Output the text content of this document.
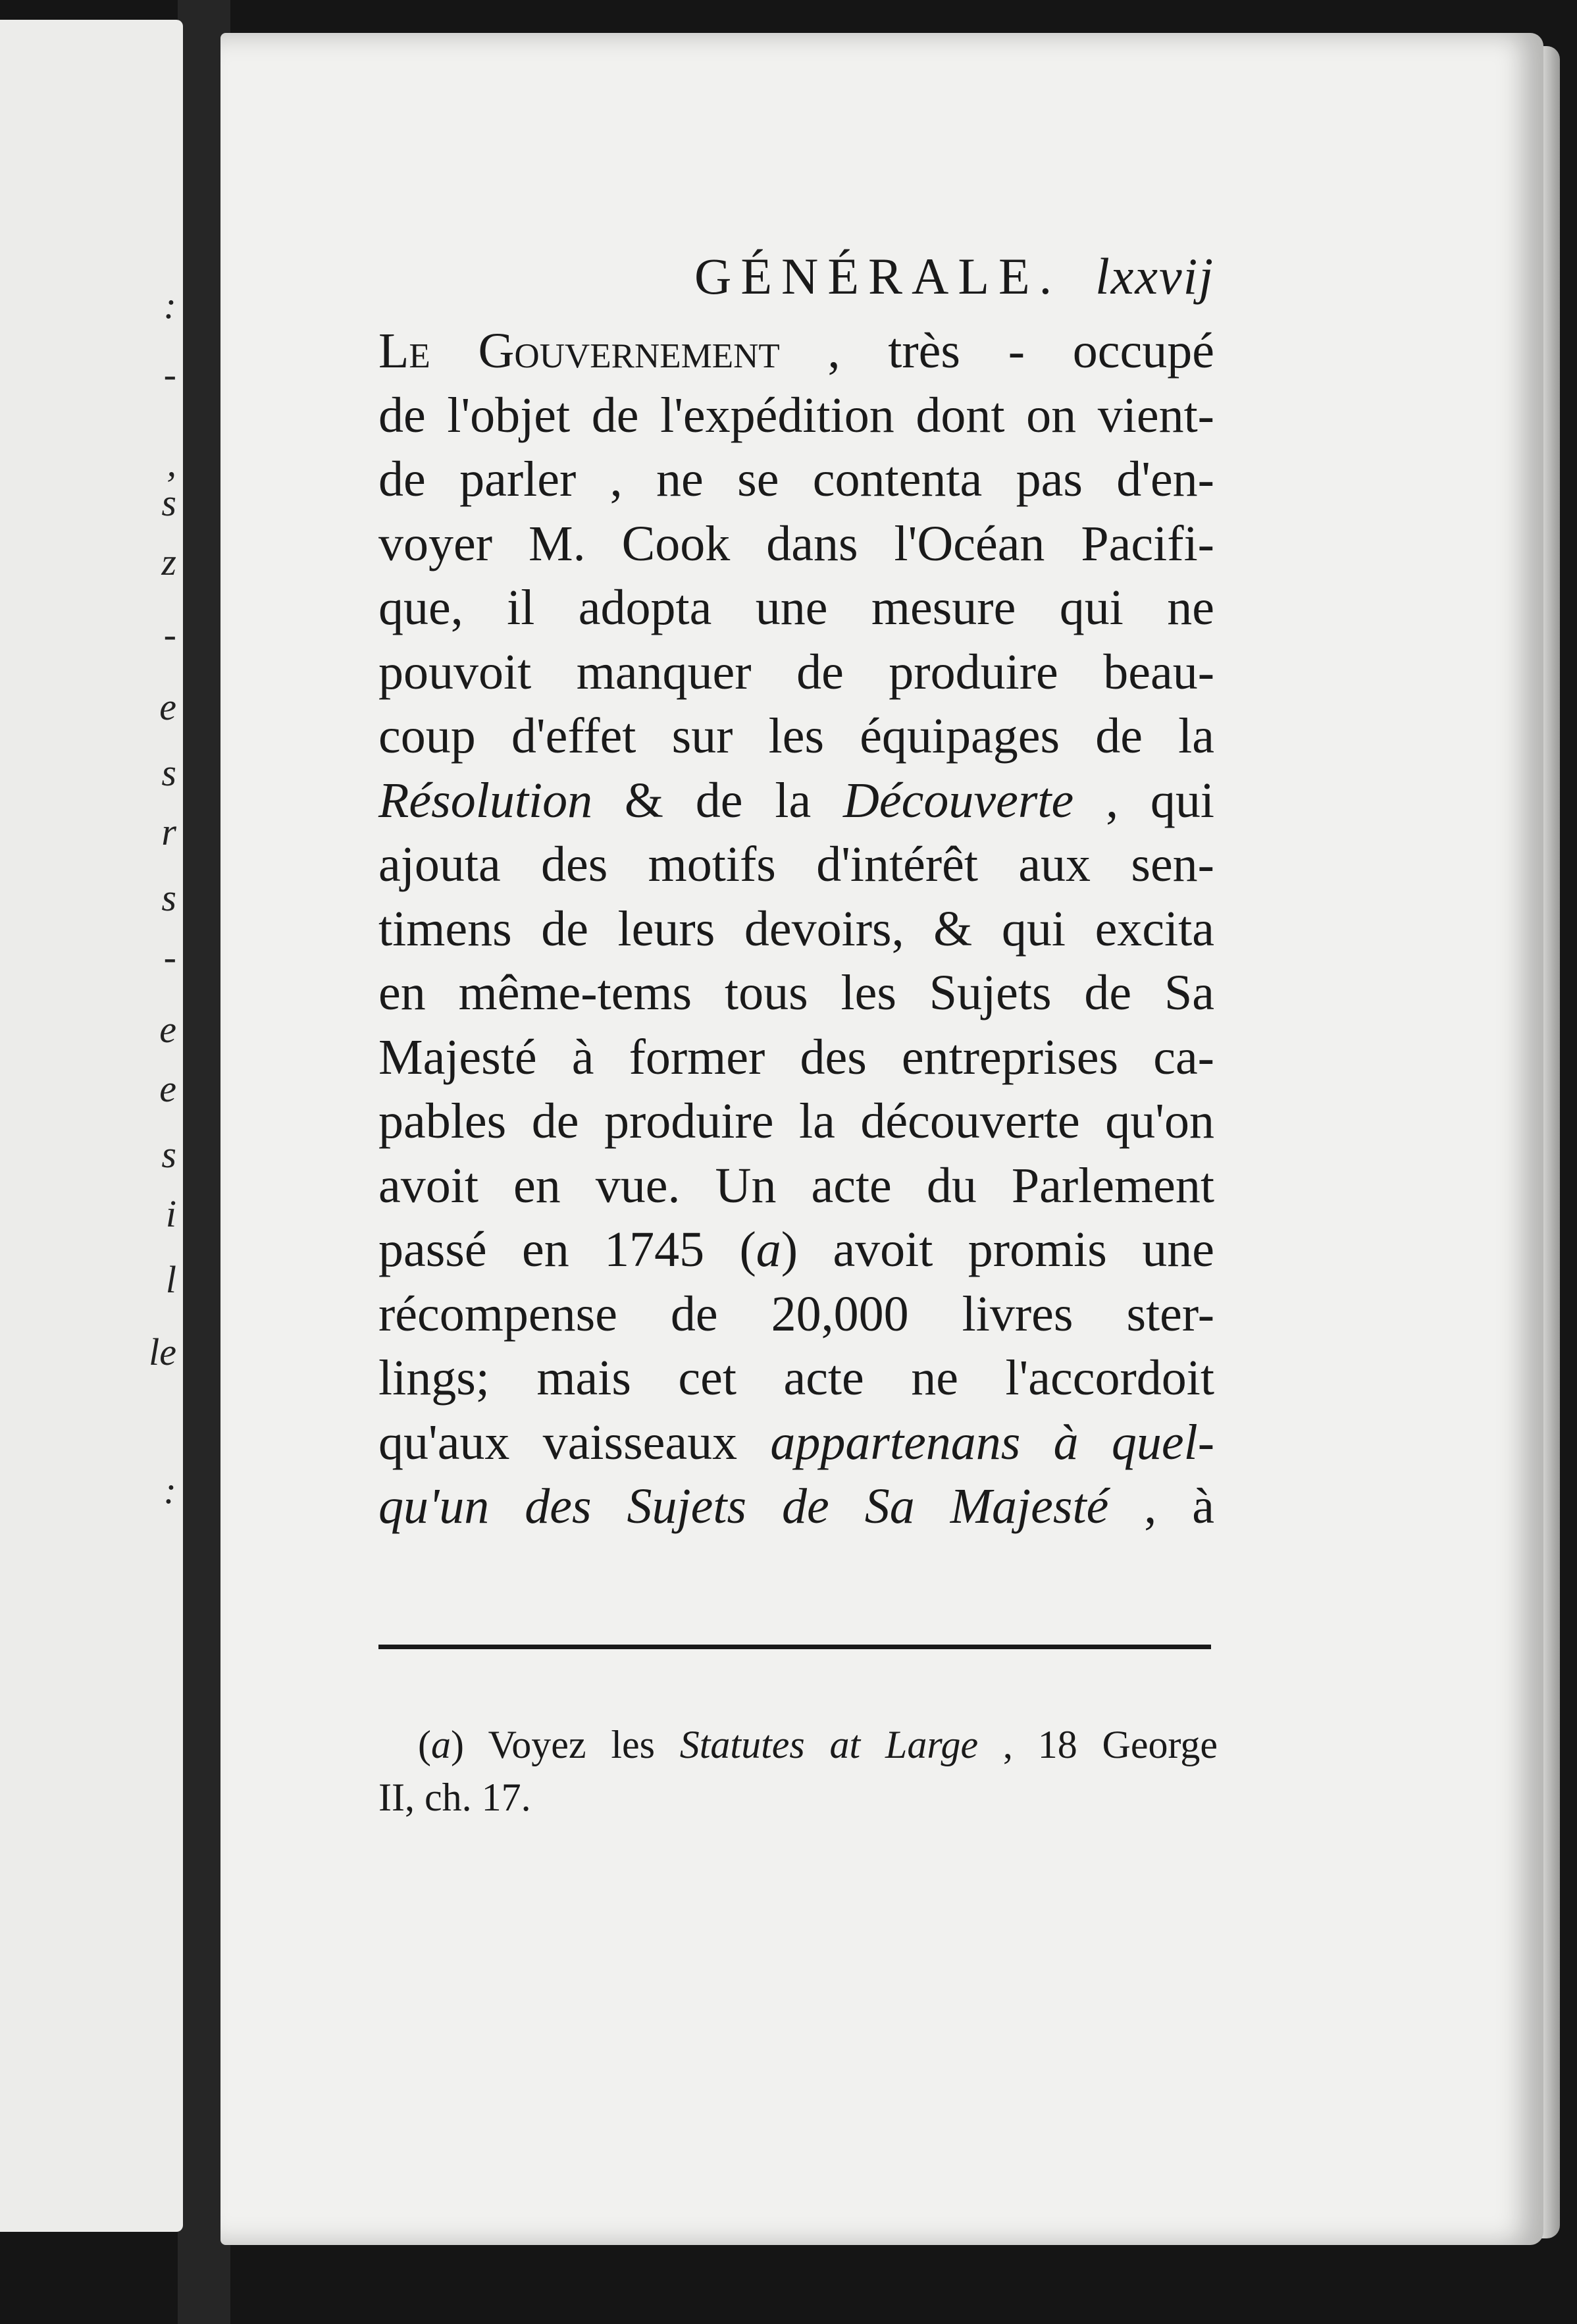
:
-
,
s
z
-
e
s
r
s
-
e
e
s
i
l
le
:
GÉNÉRALE. lxxvij
Le Gouvernement , très - occupé
de l'objet de l'expédition dont on vient-
de parler , ne se contenta pas d'en-
voyer M. Cook dans l'Océan Pacifi-
que, il adopta une mesure qui ne
pouvoit manquer de produire beau-
coup d'effet sur les équipages de la
Résolution & de la Découverte , qui
ajouta des motifs d'intérêt aux sen-
timens de leurs devoirs, & qui excita
en même-tems tous les Sujets de Sa
Majesté à former des entreprises ca-
pables de produire la découverte qu'on
avoit en vue. Un acte du Parlement
passé en 1745 (a) avoit promis une
récompense de 20,000 livres ster-
lings; mais cet acte ne l'accordoit
qu'aux vaisseaux appartenans à quel-
qu'un des Sujets de Sa Majesté , à
(a) Voyez les Statutes at Large , 18 George
II, ch. 17.
